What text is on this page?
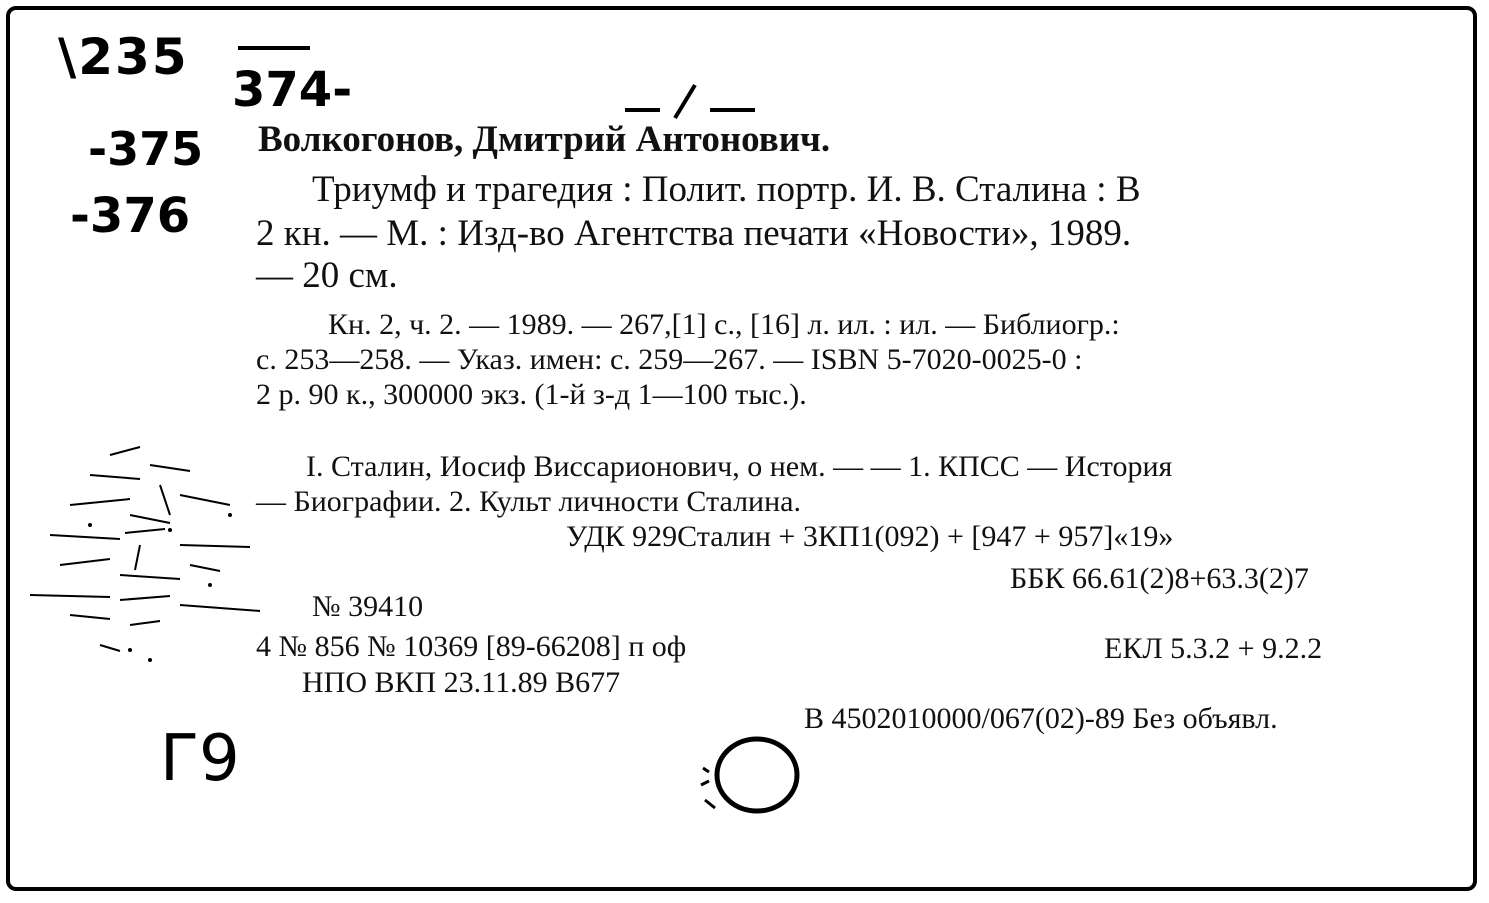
\235
374-
-375
-376
Г9
Волкогонов, Дмитрий Антонович.
Триумф и трагедия : Полит. портр. И. В. Сталина : В
2 кн. — М. : Изд-во Агентства печати «Новости», 1989.
— 20 см.
Кн. 2, ч. 2. — 1989. — 267,[1] с., [16] л. ил. : ил. — Библиогр.:
с. 253—258. — Указ. имен: с. 259—267. — ISBN 5-7020-0025-0 :
2 р. 90 к., 300000 экз. (1-й з-д 1—100 тыс.).
I. Сталин, Иосиф Виссарионович, о нем. — — 1. КПСС — История
— Биографии. 2. Культ личности Сталина.
УДК 929Сталин + 3КП1(092) + [947 + 957]«19»
ББК 66.61(2)8+63.3(2)7
№ 39410
4 № 856 № 10369 [89-66208] п оф	ЕКЛ 5.3.2 + 9.2.2
НПО ВКП 23.11.89 В677
В 4502010000/067(02)-89 Без объявл.
